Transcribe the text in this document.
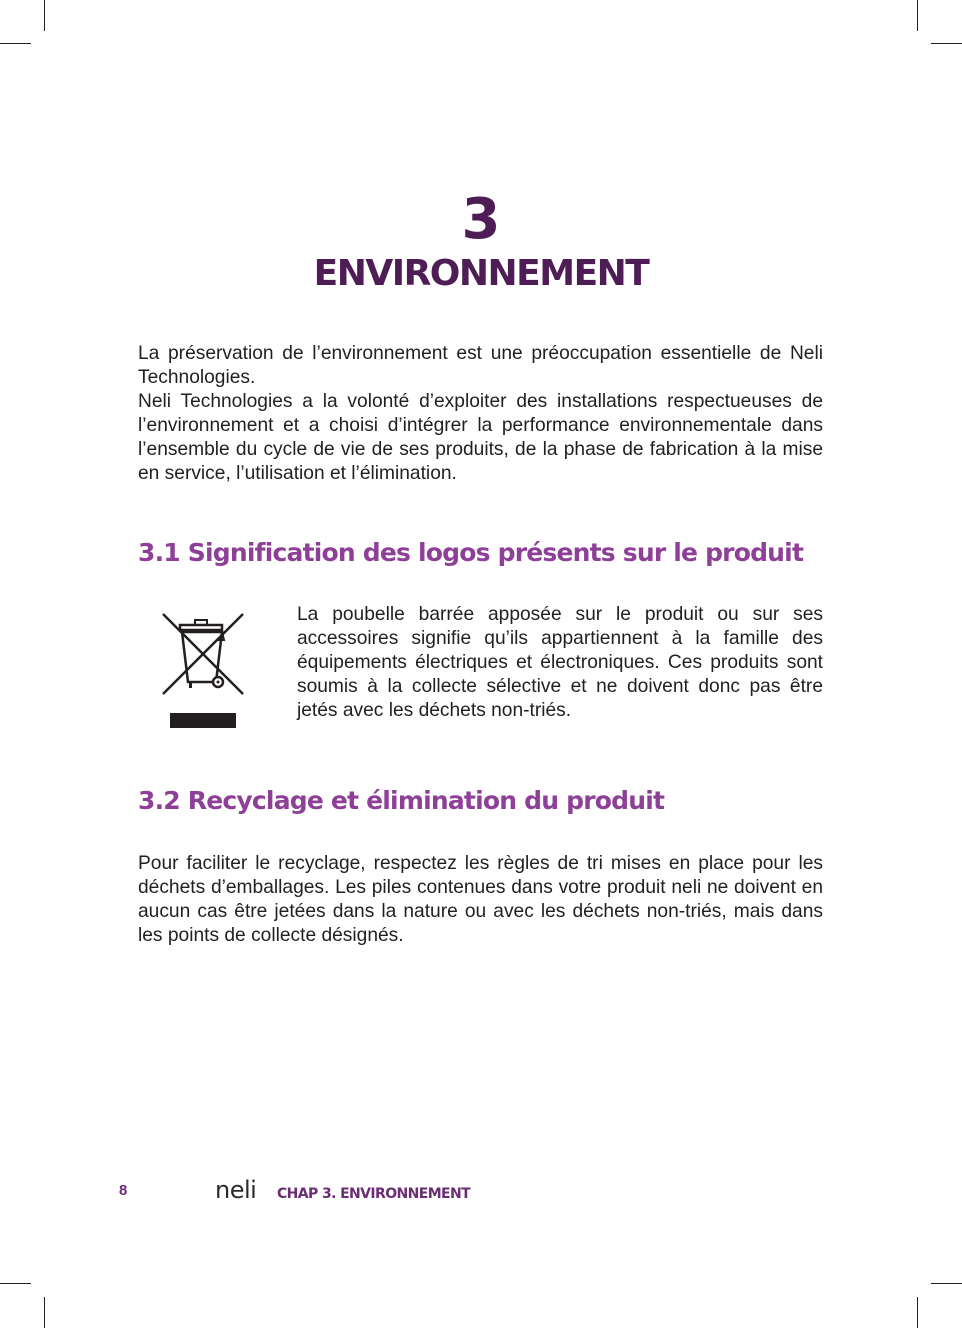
3
ENVIRONNEMENT

La préservation de l’environnement est une préoccupation essentielle de Neli Technologies.

Neli Technologies a la volonté d’exploiter des installations respectueuses de l’environnement et a choisi d’intégrer la performance environnementale dans l’ensemble du cycle de vie de ses produits, de la phase de fabrication à la mise en service, l’utilisation et l’élimination.

3.1 Signification des logos présents sur le produit

La poubelle barrée apposée sur le produit ou sur ses accessoires signifie qu’ils appartiennent à la famille des équipements électriques et électroniques. Ces produits sont soumis à la collecte sélective et ne doivent donc pas être jetés avec les déchets non-triés.

3.2 Recyclage et élimination du produit

Pour faciliter le recyclage, respectez les règles de tri mises en place pour les déchets d’emballages. Les piles contenues dans votre produit neli ne doivent en aucun cas être jetées dans la nature ou avec les déchets non-triés, mais dans les points de collecte désignés.

8	neli CHAP 3. ENVIRONNEMENT
